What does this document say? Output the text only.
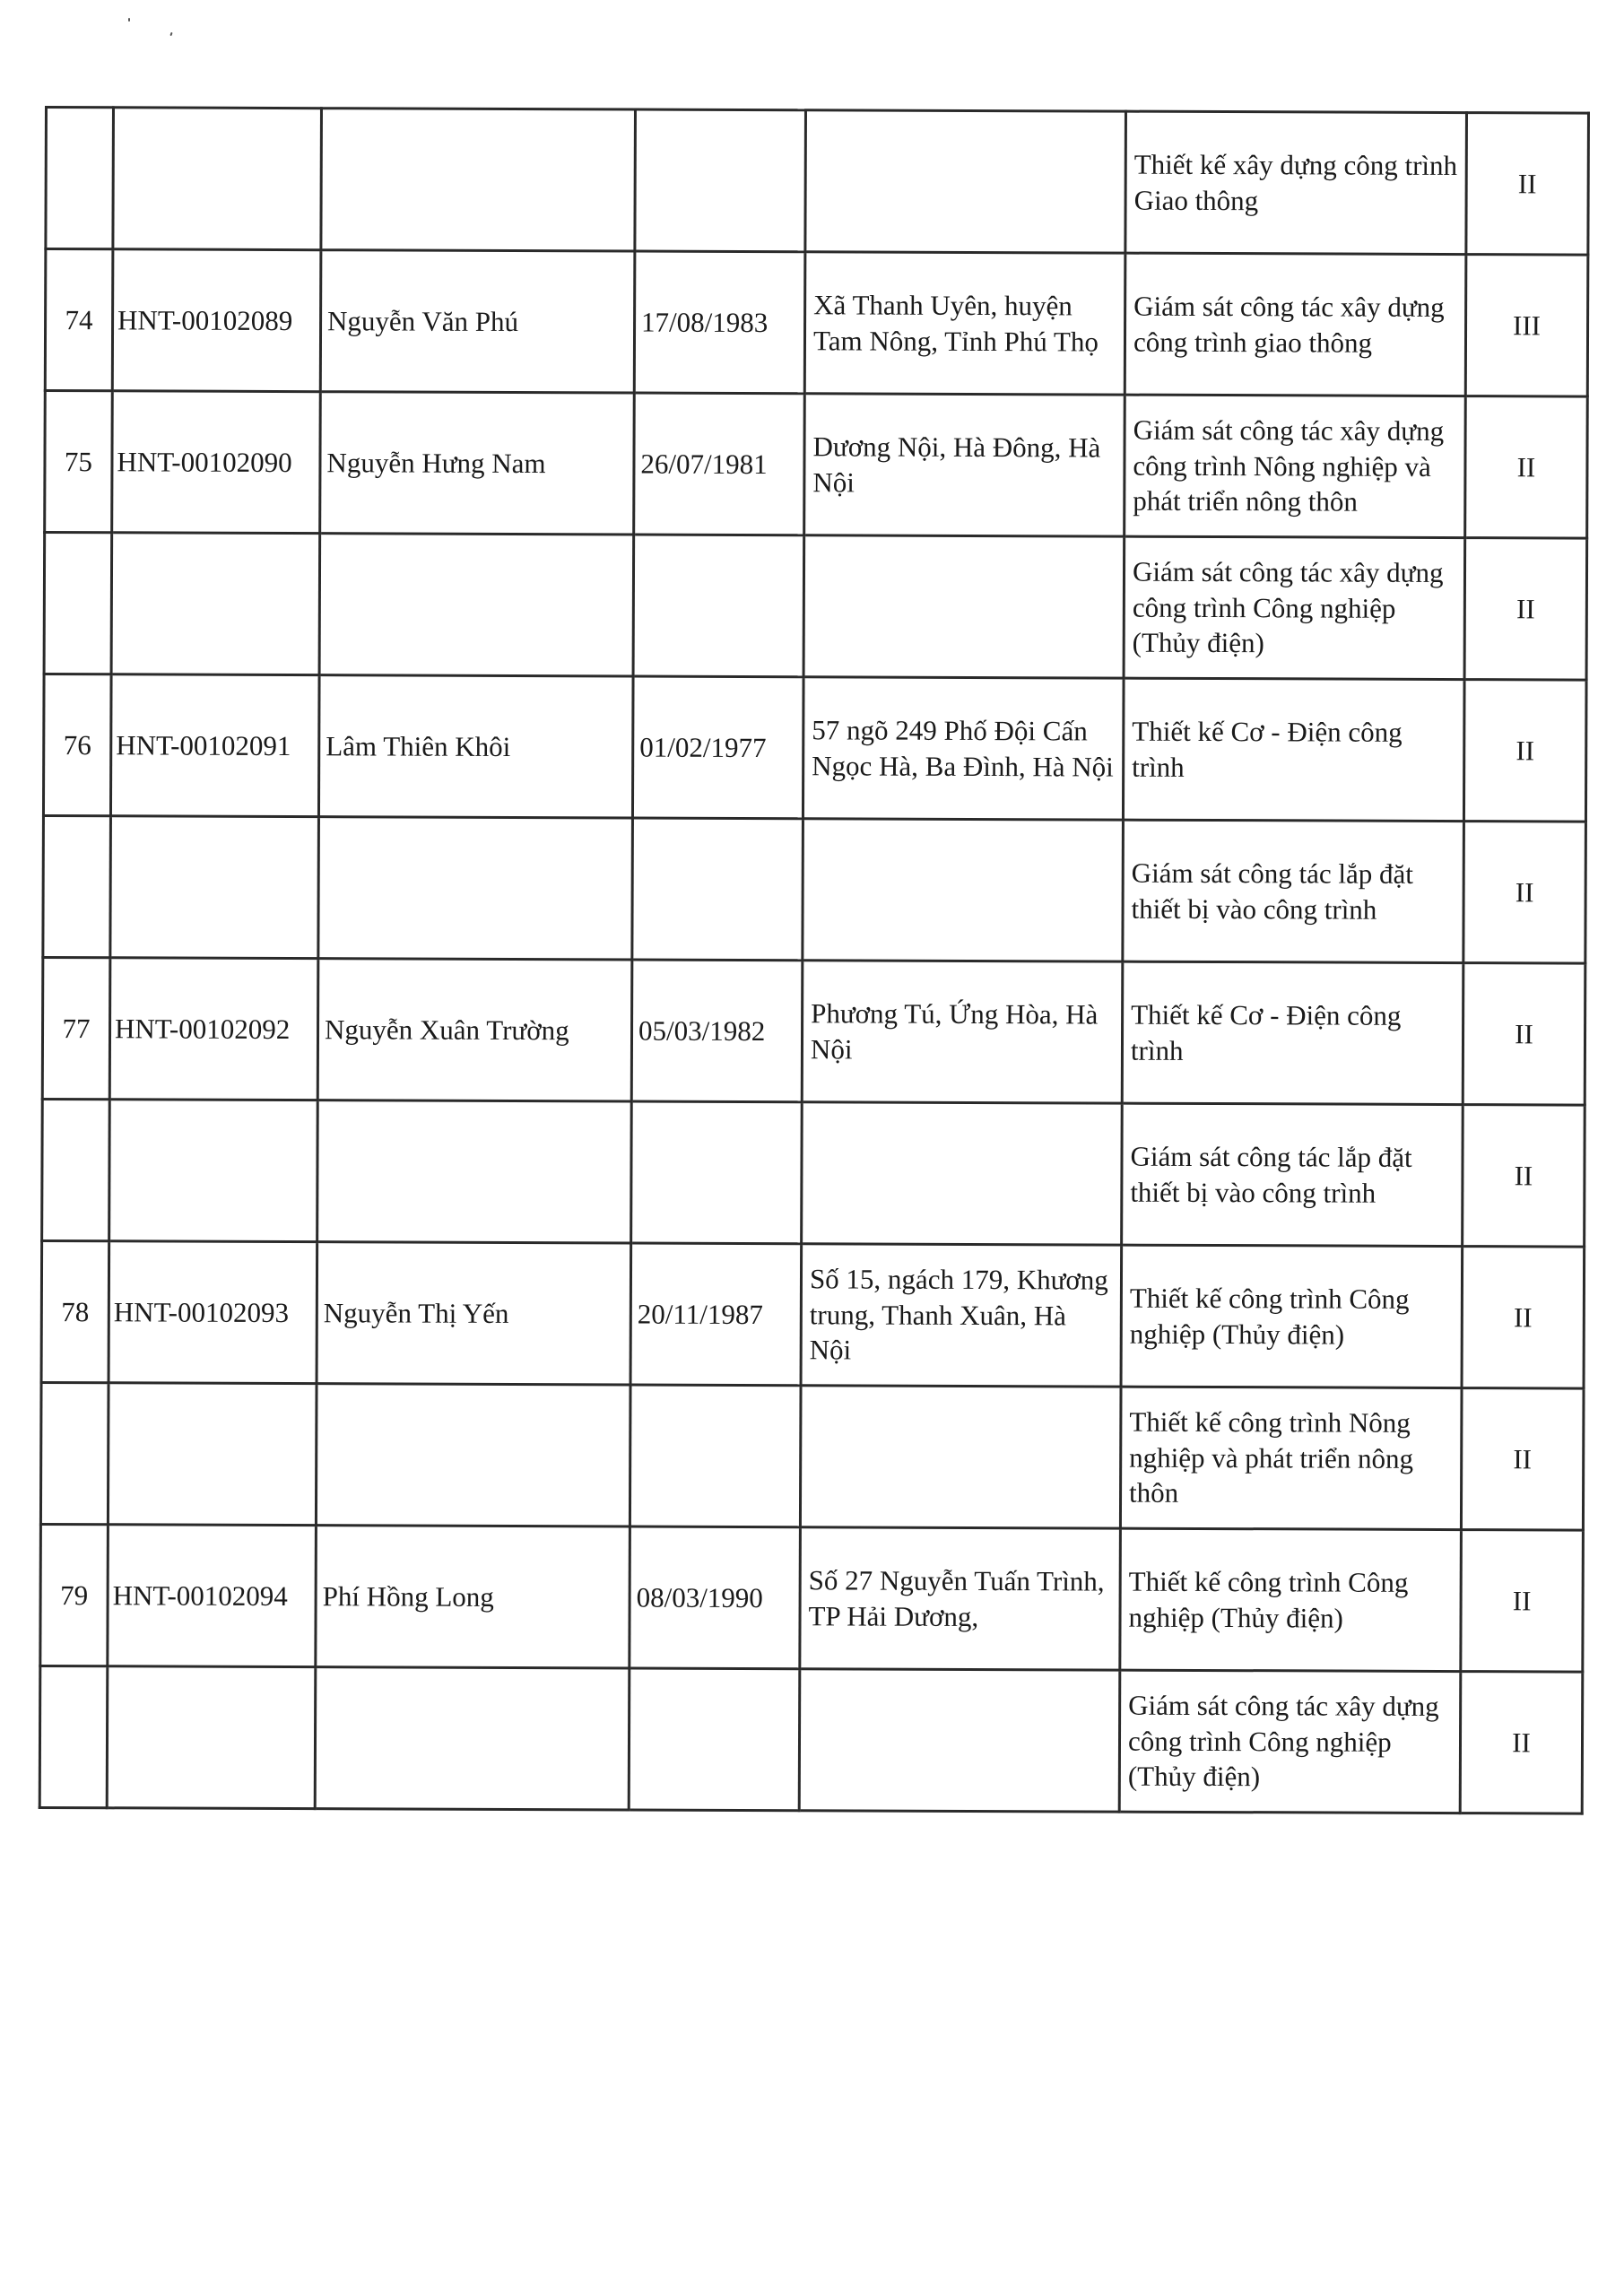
					Thiết kế xây dựng công trình Giao thông	II
74	HNT-00102089	Nguyễn Văn Phú	17/08/1983	Xã Thanh Uyên, huyện Tam Nông, Tỉnh Phú Thọ	Giám sát công tác xây dựng công trình giao thông	III
75	HNT-00102090	Nguyễn Hưng Nam	26/07/1981	Dương Nội, Hà Đông, Hà Nội	Giám sát công tác xây dựng công trình Nông nghiệp và phát triển nông thôn	II
					Giám sát công tác xây dựng công trình Công nghiệp (Thủy điện)	II
76	HNT-00102091	Lâm Thiên Khôi	01/02/1977	57 ngõ 249 Phố Đội Cấn Ngọc Hà, Ba Đình, Hà Nội	Thiết kế Cơ - Điện công trình	II
					Giám sát công tác lắp đặt thiết bị vào công trình	II
77	HNT-00102092	Nguyễn Xuân Trường	05/03/1982	Phương Tú, Ứng Hòa, Hà Nội	Thiết kế Cơ - Điện công trình	II
					Giám sát công tác lắp đặt thiết bị vào công trình	II
78	HNT-00102093	Nguyễn Thị Yến	20/11/1987	Số 15, ngách 179, Khương trung, Thanh Xuân, Hà Nội	Thiết kế công trình Công nghiệp (Thủy điện)	II
					Thiết kế công trình Nông nghiệp và phát triển nông thôn	II
79	HNT-00102094	Phí Hồng Long	08/03/1990	Số 27 Nguyễn Tuấn Trình, TP Hải Dương,	Thiết kế công trình Công nghiệp (Thủy điện)	II
					Giám sát công tác xây dựng công trình Công nghiệp (Thủy điện)	II
